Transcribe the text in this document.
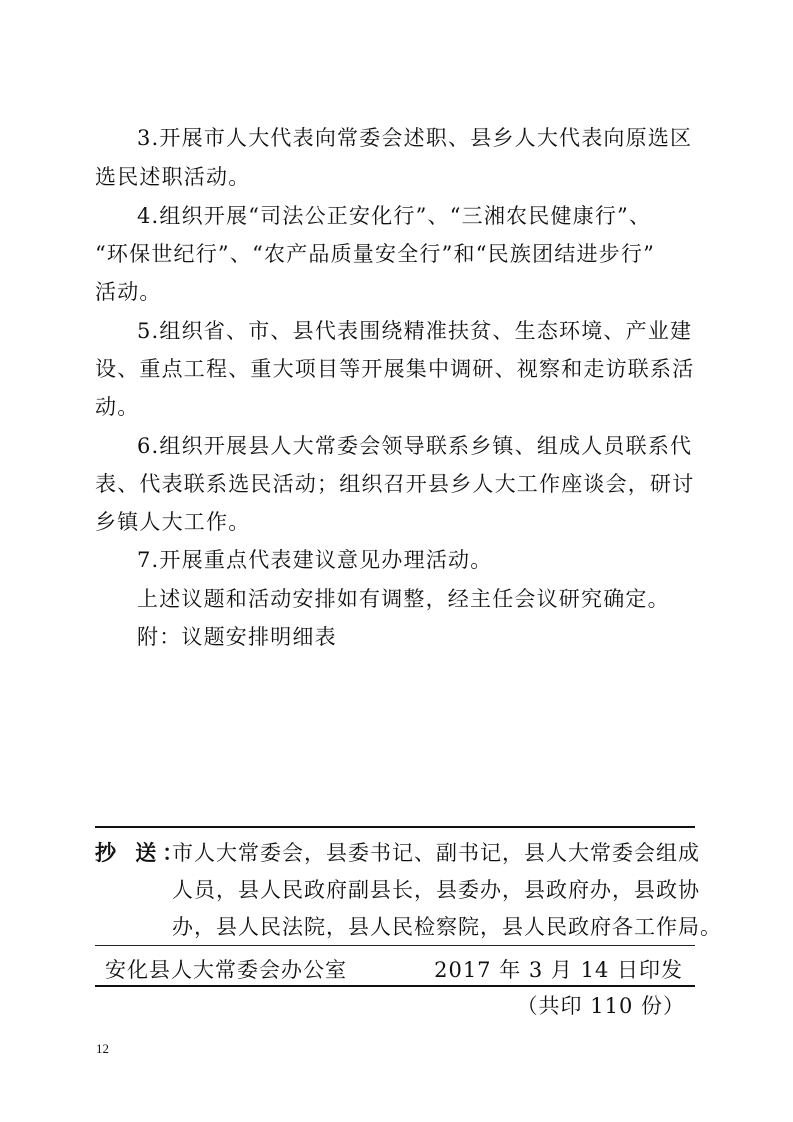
3.开展市人大代表向常委会述职、县乡人大代表向原选区
选民述职活动。
4.组织开展“司法公正安化行”、“三湘农民健康行”、
“环保世纪行”、“农产品质量安全行”和“民族团结进步行”
活动。
5.组织省、市、县代表围绕精准扶贫、生态环境、产业建
设、重点工程、重大项目等开展集中调研、视察和走访联系活
动。
6.组织开展县人大常委会领导联系乡镇、组成人员联系代
表、代表联系选民活动；组织召开县乡人大工作座谈会，研讨
乡镇人大工作。
7.开展重点代表建议意见办理活动。
上述议题和活动安排如有调整，经主任会议研究确定。
附：议题安排明细表
抄 送：
市人大常委会，县委书记、副书记，县人大常委会组成
人员，县人民政府副县长，县委办，县政府办，县政协
办，县人民法院，县人民检察院，县人民政府各工作局。
安化县人大常委会办公室	2017 年 3 月 14 日印发
（共印 110 份）
12
